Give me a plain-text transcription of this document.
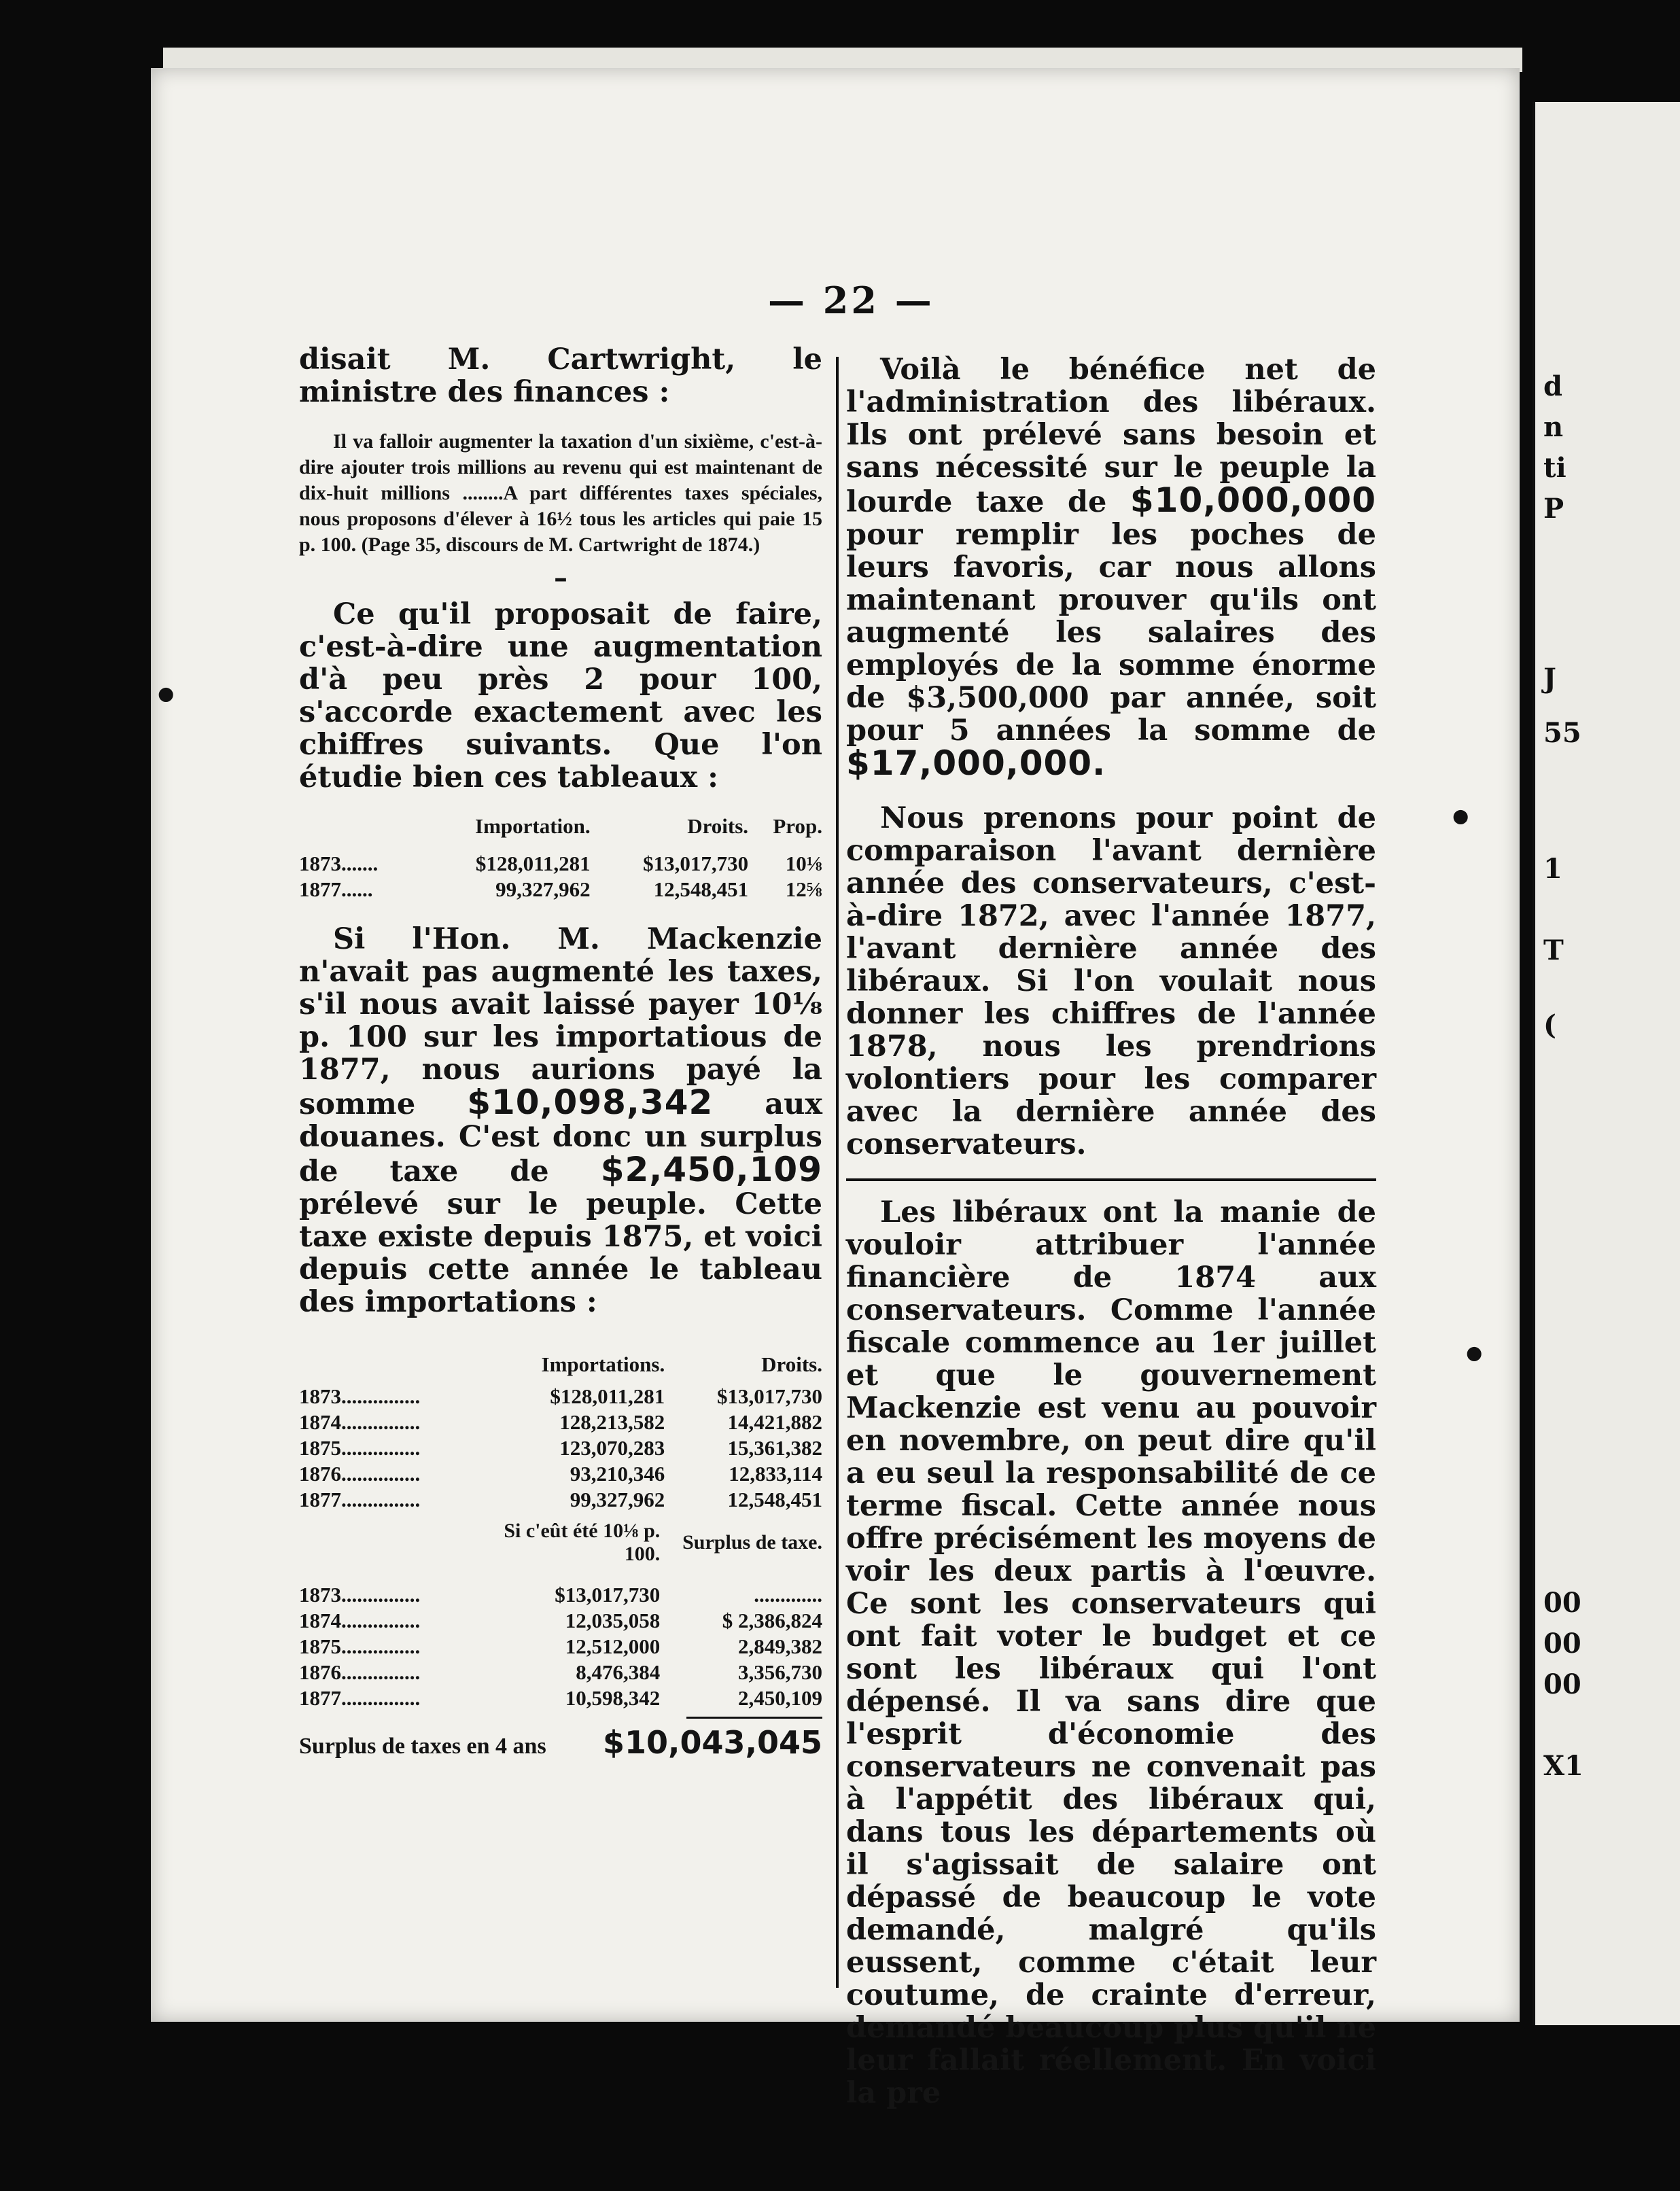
d
n
ti
P
J
55
1
T
(
00
00
00
X1
•
•
•
— 22 —

disait M. Cartwright, le ministre des finances :

Il va falloir augmenter la taxation d'un sixième, c'est-à-dire ajouter trois millions au revenu qui est maintenant de dix-huit millions ........A part différentes taxes spéciales, nous proposons d'élever à 16½ tous les articles qui paie 15 p. 100. (Page 35, discours de M. Cartwright de 1874.)

–

Ce qu'il proposait de faire, c'est-à-dire une augmentation d'à peu près 2 pour 100, s'accorde exactement avec les chiffres suivants. Que l'on étudie bien ces tableaux :

	Importation.	Droits.	Prop.

1873.......	$128,011,281	$13,017,730	10⅛
1877......	99,327,962	12,548,451	12⅝

Si l'Hon. M. Mackenzie n'avait pas augmenté les taxes, s'il nous avait laissé payer 10⅛ p. 100 sur les importatious de 1877, nous aurions payé la somme $10,098,342 aux douanes. C'est donc un surplus de taxe de $2,450,109 prélevé sur le peuple. Cette taxe existe depuis 1875, et voici depuis cette année le tableau des importations :

	Importations.	Droits.

1873...............	$128,011,281	$13,017,730
1874...............	128,213,582	14,421,882
1875...............	123,070,283	15,361,382
1876...............	93,210,346	12,833,114
1877...............	99,327,962	12,548,451
	Si c'eût été 10⅛ p. 100.	Surplus de taxe.

1873...............	$13,017,730	.............
1874...............	12,035,058	$ 2,386,824
1875...............	12,512,000	2,849,382
1876...............	8,476,384	3,356,730
1877...............	10,598,342	2,450,109
Surplus de taxes en 4 ans $10,043,045

Voilà le bénéfice net de l'administration des libéraux. Ils ont prélevé sans besoin et sans nécessité sur le peuple la lourde taxe de $10,000,000 pour remplir les poches de leurs favoris, car nous allons maintenant prouver qu'ils ont augmenté les salaires des employés de la somme énorme de $3,500,000 par année, soit pour 5 années la somme de $17,000,000.

Nous prenons pour point de comparaison l'avant dernière année des conservateurs, c'est-à-dire 1872, avec l'année 1877, l'avant dernière année des libéraux. Si l'on voulait nous donner les chiffres de l'année 1878, nous les prendrions volontiers pour les comparer avec la dernière année des conservateurs.

Les libéraux ont la manie de vouloir attribuer l'année financière de 1874 aux conservateurs. Comme l'année fiscale commence au 1er juillet et que le gouvernement Mackenzie est venu au pouvoir en novembre, on peut dire qu'il a eu seul la responsabilité de ce terme fiscal. Cette année nous offre précisément les moyens de voir les deux partis à l'œuvre. Ce sont les conservateurs qui ont fait voter le budget et ce sont les libéraux qui l'ont dépensé. Il va sans dire que l'esprit d'économie des conservateurs ne convenait pas à l'appétit des libéraux qui, dans tous les départements où il s'agissait de salaire ont dépassé de beaucoup le vote demandé, malgré qu'ils eussent, comme c'était leur coutume, de crainte d'erreur, demandé beaucoup plus qu'il ne leur fallait réellement. En voici la pre
